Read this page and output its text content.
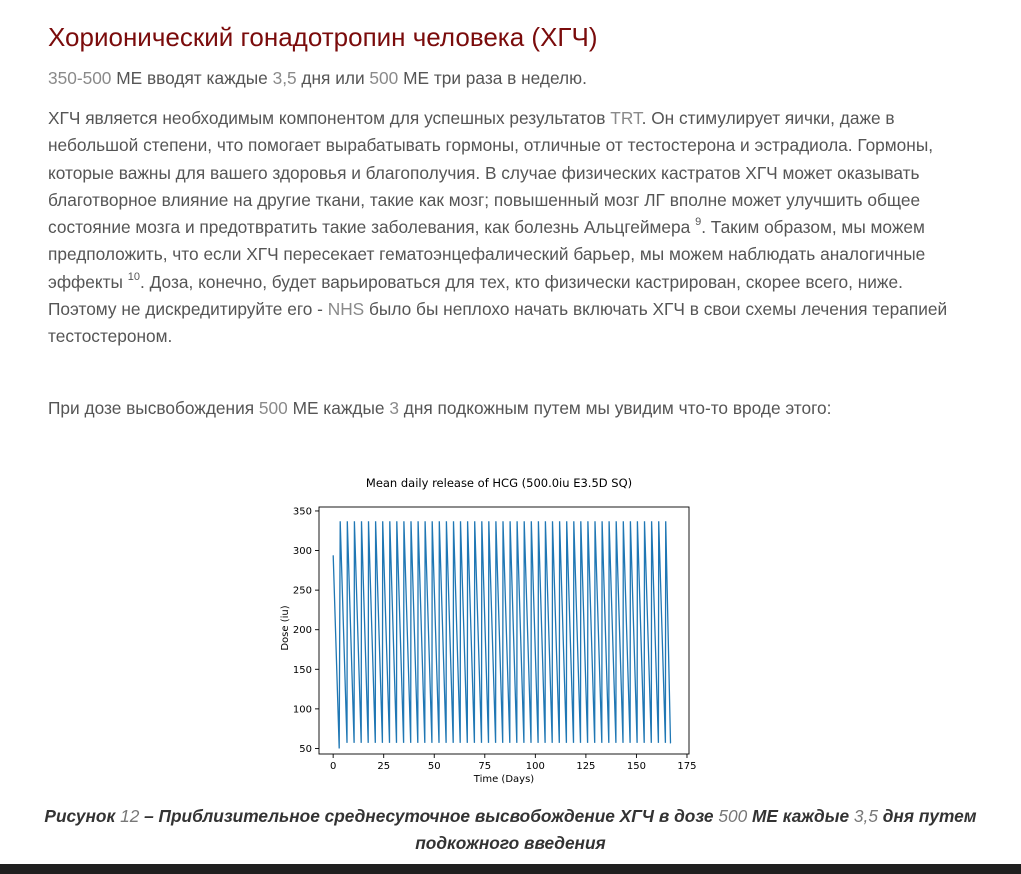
Хорионический гонадотропин человека (ХГЧ)

350-500 МЕ вводят каждые 3,5 дня или 500 МЕ три раза в неделю.

ХГЧ является необходимым компонентом для успешных результатов TRT. Он стимулирует яички, даже в небольшой степени, что помогает вырабатывать гормоны, отличные от тестостерона и эстрадиола. Гормоны, которые важны для вашего здоровья и благополучия. В случае физических кастратов ХГЧ может оказывать благотворное влияние на другие ткани, такие как мозг; повышенный мозг ЛГ вполне может улучшить общее состояние мозга и предотвратить такие заболевания, как болезнь Альцгеймера $^9$. Таким образом, мы можем предположить, что если ХГЧ пересекает гематоэнцефалический барьер, мы можем наблюдать аналогичные эффекты $^{10}$. Доза, конечно, будет варьироваться для тех, кто физически кастрирован, скорее всего, ниже. Поэтому не дискредитируйте его - NHS было бы неплохо начать включать ХГЧ в свои схемы лечения терапией тестостероном.

При дозе высвобождения 500 МЕ каждые 3 дня подкожным путем мы увидим что-то вроде этого:

Mean daily release of HCG (500.0iu E3.5D SQ)
0	25	50	75	100	125	150	175
50
100
150
200
250
300
350
Time (Days)
Dose (iu)
Рисунок 12 – Приблизительное среднесуточное высвобождение ХГЧ в дозе 500 МЕ каждые 3,5 дня путем подкожного введения
